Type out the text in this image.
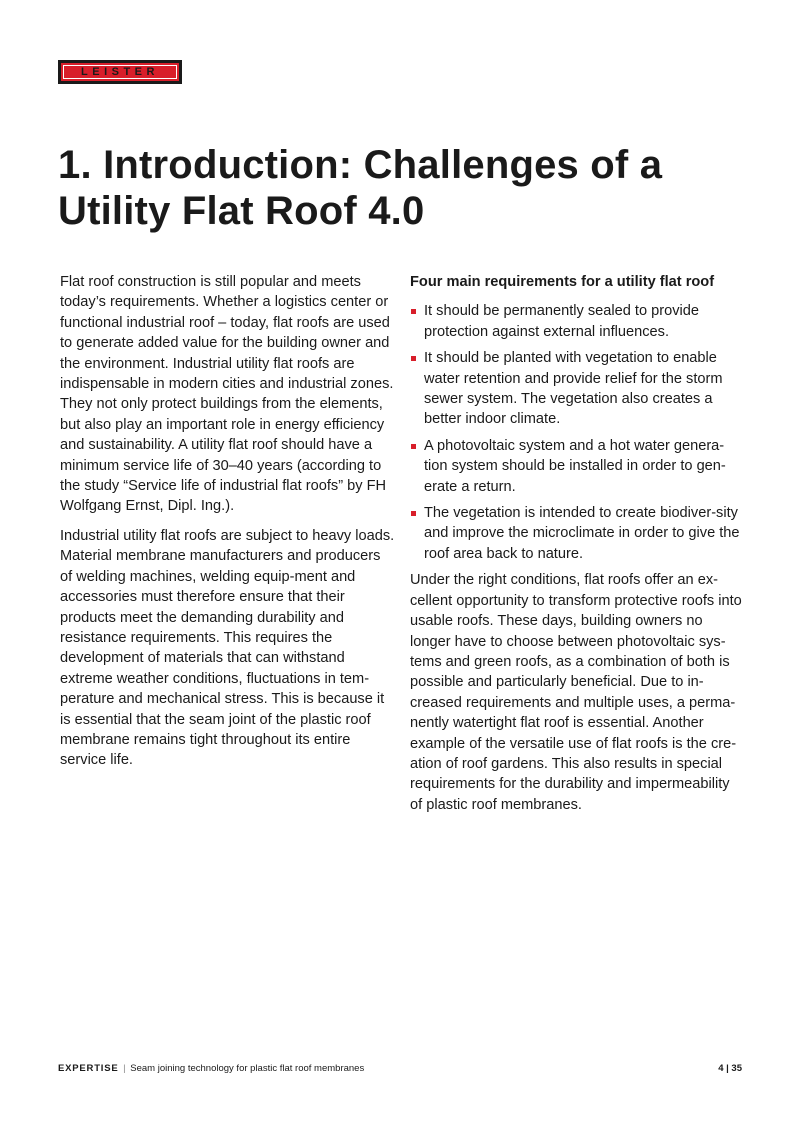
LEISTER
1. Introduction: Challenges of a Utility Flat Roof 4.0

Flat roof construction is still popular and meets today’s requirements. Whether a logistics center or functional industrial roof – today, flat roofs are used to generate added value for the building owner and the environment. Industrial utility flat roofs are indispensable in modern cities and industrial zones. They not only protect buildings from the elements, but also play an important role in energy efficiency and sustainability. A utility flat roof should have a minimum service life of 30–40 years (according to the study “Service life of industrial flat roofs” by FH Wolfgang Ernst, Dipl. Ing.).

Industrial utility flat roofs are subject to heavy loads. Material membrane manufacturers and producers of welding machines, welding equip-ment and accessories must therefore ensure that their products meet the demanding durability and resistance requirements. This requires the development of materials that can withstand extreme weather conditions, fluctuations in tem-perature and mechanical stress. This is because it is essential that the seam joint of the plastic roof membrane remains tight throughout its entire service life.

Four main requirements for a utility flat roof
It should be permanently sealed to provide protection against external influences.
It should be planted with vegetation to enable water retention and provide relief for the storm sewer system. The vegetation also creates a better indoor climate.
A photovoltaic system and a hot water genera-tion system should be installed in order to gen-erate a return.
The vegetation is intended to create biodiver-sity and improve the microclimate in order to give the roof area back to nature.

Under the right conditions, flat roofs offer an ex-cellent opportunity to transform protective roofs into usable roofs. These days, building owners no longer have to choose between photovoltaic sys-tems and green roofs, as a combination of both is possible and particularly beneficial. Due to in-creased requirements and multiple uses, a perma-nently watertight flat roof is essential. Another example of the versatile use of flat roofs is the cre-ation of roof gardens. This also results in special requirements for the durability and impermeability of plastic roof membranes.

EXPERTISE | Seam joining technology for plastic flat roof membranes	4 | 35
